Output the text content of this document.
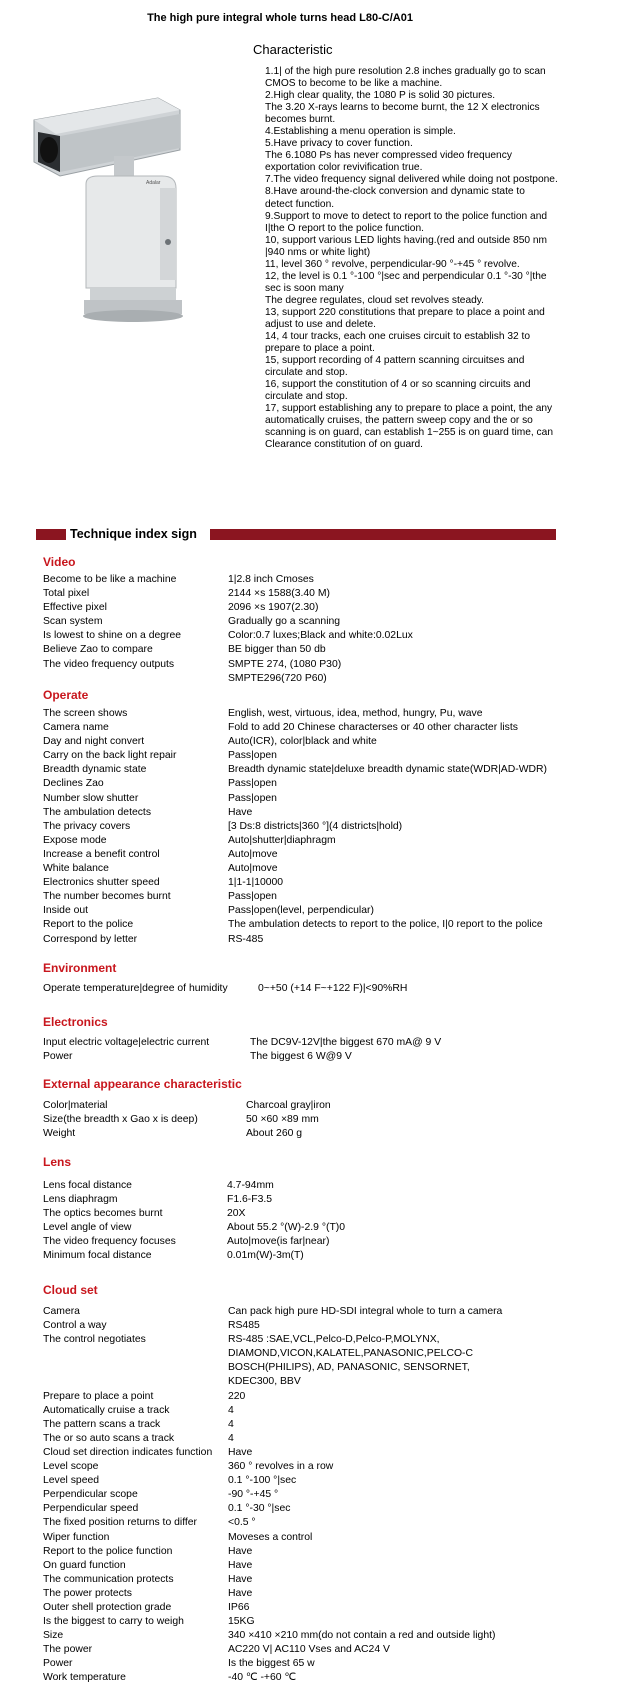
The high pure integral whole turns head L80-C/A01
Adalar
Characteristic
1.1| of the high pure resolution 2.8 inches gradually go to scan
CMOS to become to be like a machine.
2.High clear quality, the 1080 P is solid 30 pictures.
The 3.20 X-rays learns to become burnt, the 12 X electronics
becomes burnt.
4.Establishing a menu operation is simple.
5.Have privacy to cover function.
The 6.1080 Ps has never compressed video frequency
exportation color revivification true.
7.The video frequency signal delivered while doing not postpone.
8.Have around-the-clock conversion and dynamic state to
detect function.
9.Support to move to detect to report to the police function and
I|the O report to the police function.
10, support various LED lights having.(red and outside 850 nm
|940 nms or white light)
11, level 360 ° revolve, perpendicular-90 °-+45 ° revolve.
12, the level is 0.1 °-100 °|sec and perpendicular 0.1 °-30 °|the
sec is soon many
The degree regulates, cloud set revolves steady.
13, support 220 constitutions that prepare to place a point and
adjust to use and delete.
14, 4 tour tracks, each one cruises circuit to establish 32 to
prepare to place a point.
15, support recording of 4 pattern scanning circuitses and
circulate and stop.
16, support the constitution of 4 or so scanning circuits and
circulate and stop.
17, support establishing any to prepare to place a point, the any
automatically cruises, the pattern sweep copy and the or so
scanning is on guard, can establish 1~255 is on guard time, can
Clearance constitution of on guard.
Technique index sign
Video
Become to be like a machine	1|2.8 inch Cmoses
Total pixel	2144 ×s 1588(3.40 M)
Effective pixel	2096 ×s 1907(2.30)
Scan system	Gradually go a scanning
Is lowest to shine on a degree	Color:0.7 luxes;Black and white:0.02Lux
Believe Zao to compare	BE bigger than 50 db
The video frequency outputs	SMPTE 274, (1080 P30)
SMPTE296(720 P60)
Operate
The screen shows	English, west, virtuous, idea, method, hungry, Pu, wave
Camera name	Fold to add 20 Chinese characterses or 40 other character lists
Day and night convert	Auto(ICR), color|black and white
Carry on the back light repair	Pass|open
Breadth dynamic state	Breadth dynamic state|deluxe breadth dynamic state(WDR|AD-WDR)
Declines Zao	Pass|open
Number slow shutter	Pass|open
The ambulation detects	Have
The privacy covers	[3 Ds:8 districts|360 °](4 districts|hold)
Expose mode	Auto|shutter|diaphragm
Increase a benefit control	Auto|move
White balance	Auto|move
Electronics shutter speed	1|1-1|10000
The number becomes burnt	Pass|open
Inside out	Pass|open(level, perpendicular)
Report to the police	The ambulation detects to report to the police, I|0 report to the police
Correspond by letter	RS-485
Environment
Operate temperature|degree of humidity	0~+50 (+14 F~+122 F)|<90%RH
Electronics
Input electric voltage|electric current	The DC9V-12V|the biggest 670 mA@ 9 V
Power	The biggest 6 W@9 V
External appearance characteristic
Color|material	Charcoal gray|iron
Size(the breadth x Gao x is deep)	50 ×60 ×89 mm
Weight	About 260 g
Lens
Lens focal distance	4.7-94mm
Lens diaphragm	F1.6-F3.5
The optics becomes burnt	20X
Level angle of view	About 55.2 °(W)-2.9 °(T)0
The video frequency focuses	Auto|move(is far|near)
Minimum focal distance	0.01m(W)-3m(T)
Cloud set
Camera	Can pack high pure HD-SDI integral whole to turn a camera
Control a way	RS485
The control negotiates	RS-485 :SAE,VCL,Pelco-D,Pelco-P,MOLYNX,
DIAMOND,VICON,KALATEL,PANASONIC,PELCO-C
BOSCH(PHILIPS), AD, PANASONIC, SENSORNET,
KDEC300, BBV
Prepare to place a point	220
Automatically cruise a track	4
The pattern scans a track	4
The or so auto scans a track	4
Cloud set direction indicates function Have
Level scope	360 ° revolves in a row
Level speed	0.1 °-100 °|sec
Perpendicular scope	-90 °-+45 °
Perpendicular speed	0.1 °-30 °|sec
The fixed position returns to differ	<0.5 °
Wiper function	Moveses a control
Report to the police function	Have
On guard function	Have
The communication protects	Have
The power protects	Have
Outer shell protection grade	IP66
Is the biggest to carry to weigh	15KG
Size	340 ×410 ×210 mm(do not contain a red and outside light)
The power	AC220 V| AC110 Vses and AC24 V
Power	Is the biggest 65 w
Work temperature	-40 ℃ -+60 ℃
